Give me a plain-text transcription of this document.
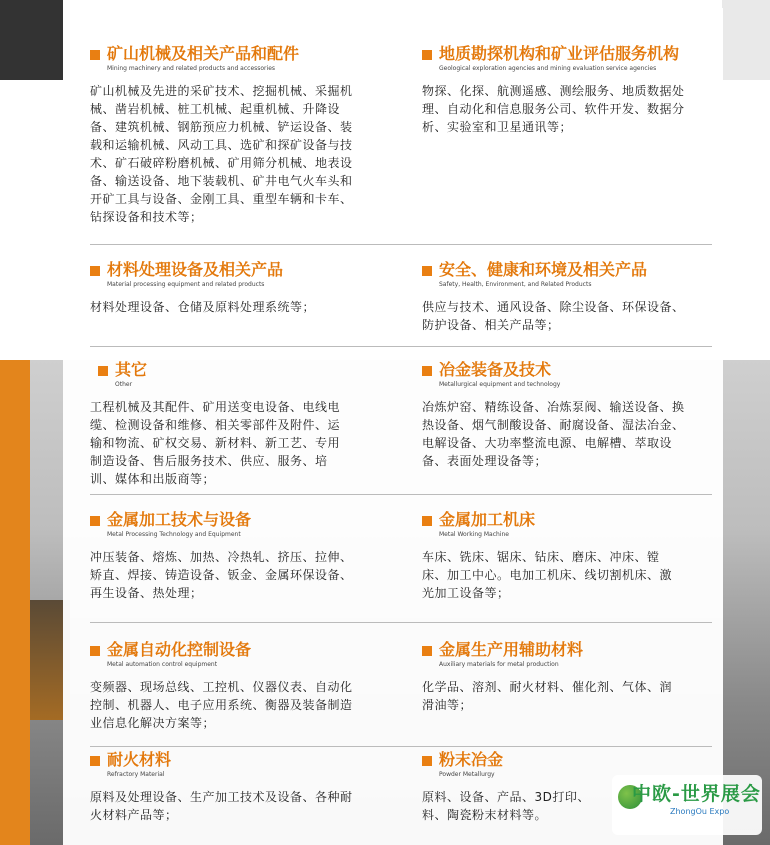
矿山机械及相关产品和配件
Mining machinery and related products and accessories
矿山机械及先进的采矿技术、挖掘机械、采掘机
械、凿岩机械、桩工机械、起重机械、升降设
备、建筑机械、钢筋预应力机械、铲运设备、装
载和运输机械、风动工具、选矿和探矿设备与技
术、矿石破碎粉磨机械、矿用筛分机械、地表设
备、输送设备、地下装载机、矿井电气火车头和
开矿工具与设备、金刚工具、重型车辆和卡车、
钻探设备和技术等；
地质勘探机构和矿业评估服务机构
Geological exploration agencies and mining evaluation service agencies
物探、化探、航测遥感、测绘服务、地质数据处
理、自动化和信息服务公司、软件开发、数据分
析、实验室和卫星通讯等；
材料处理设备及相关产品
Material processing equipment and related products
材料处理设备、仓储及原料处理系统等；
安全、健康和环境及相关产品
Safety, Health, Environment, and Related Products
供应与技术、通风设备、除尘设备、环保设备、
防护设备、相关产品等；
其它
Other
工程机械及其配件、矿用送变电设备、电线电
缆、检测设备和维修、相关零部件及附件、运
输和物流、矿权交易、新材料、新工艺、专用
制造设备、售后服务技术、供应、服务、培
训、媒体和出版商等；
冶金装备及技术
Metallurgical equipment and technology
冶炼炉窑、精练设备、冶炼泵阀、输送设备、换
热设备、烟气制酸设备、耐腐设备、湿法冶金、
电解设备、大功率整流电源、电解槽、萃取设
备、表面处理设备等；
金属加工技术与设备
Metal Processing Technology and Equipment
冲压装备、熔炼、加热、冷热轧、挤压、拉伸、
矫直、焊接、铸造设备、钣金、金属环保设备、
再生设备、热处理；
金属加工机床
Metal Working Machine
车床、铣床、锯床、钻床、磨床、冲床、镗
床、加工中心。电加工机床、线切割机床、激
光加工设备等；
金属自动化控制设备
Metal automation control equipment
变频器、现场总线、工控机、仪器仪表、自动化
控制、机器人、电子应用系统、衡器及装备制造
业信息化解决方案等；
金属生产用辅助材料
Auxiliary materials for metal production
化学品、溶剂、耐火材料、催化剂、气体、润
滑油等；
耐火材料
Refractory Material
原料及处理设备、生产加工技术及设备、各种耐
火材料产品等；
粉末冶金
Powder Metallurgy
原料、设备、产品、3D打印、
料、陶瓷粉末材料等。
中欧-世界展会
ZhongOu Expo
